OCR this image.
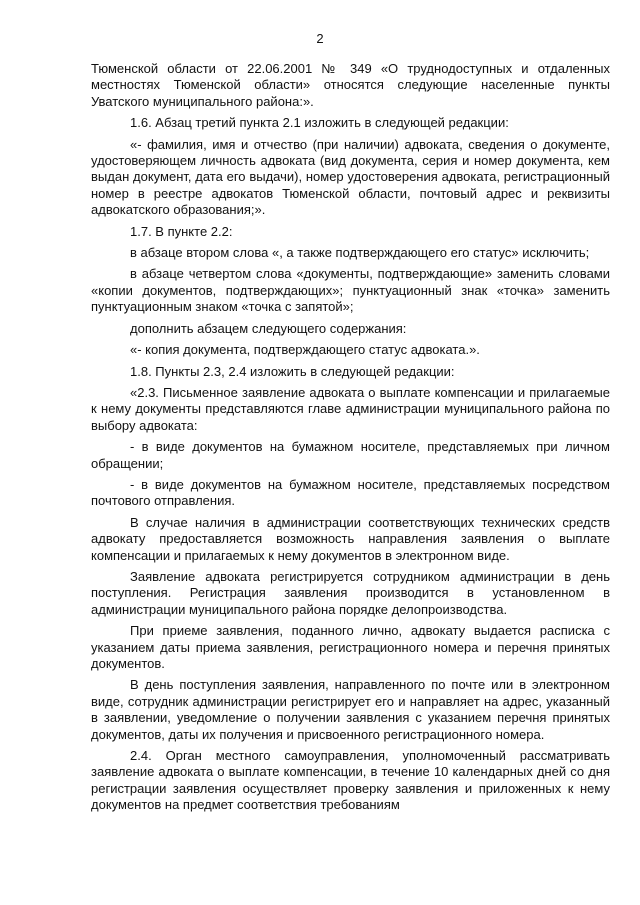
2

Тюменской области от 22.06.2001 № 349 «О труднодоступных и отдаленных местностях Тюменской области» относятся следующие населенные пункты Уватского муниципального района:».

1.6. Абзац третий пункта 2.1 изложить в следующей редакции:

«- фамилия, имя и отчество (при наличии) адвоката, сведения о документе, удостоверяющем личность адвоката (вид документа, серия и номер документа, кем выдан документ, дата его выдачи), номер удостоверения адвоката, регистрационный номер в реестре адвокатов Тюменской области, почтовый адрес и реквизиты адвокатского образования;».

1.7. В пункте 2.2:

в абзаце втором слова «, а также подтверждающего его статус» исключить;

в абзаце четвертом слова «документы, подтверждающие» заменить словами «копии документов, подтверждающих»; пунктуационный знак «точка» заменить пунктуационным знаком «точка с запятой»;

дополнить абзацем следующего содержания:

«- копия документа, подтверждающего статус адвоката.».

1.8. Пункты 2.3, 2.4 изложить в следующей редакции:

«2.3. Письменное заявление адвоката о выплате компенсации и прилагаемые к нему документы представляются главе администрации муниципального района по выбору адвоката:

- в виде документов на бумажном носителе, представляемых при личном обращении;

- в виде документов на бумажном носителе, представляемых посредством почтового отправления.

В случае наличия в администрации соответствующих технических средств адвокату предоставляется возможность направления заявления о выплате компенсации и прилагаемых к нему документов в электронном виде.

Заявление адвоката регистрируется сотрудником администрации в день поступления. Регистрация заявления производится в установленном в администрации муниципального района порядке делопроизводства.

При приеме заявления, поданного лично, адвокату выдается расписка с указанием даты приема заявления, регистрационного номера и перечня принятых документов.

В день поступления заявления, направленного по почте или в электронном виде, сотрудник администрации регистрирует его и направляет на адрес, указанный в заявлении, уведомление о получении заявления с указанием перечня принятых документов, даты их получения и присвоенного регистрационного номера.

2.4. Орган местного самоуправления, уполномоченный рассматривать заявление адвоката о выплате компенсации, в течение 10 календарных дней со дня регистрации заявления осуществляет проверку заявления и приложенных к нему документов на предмет соответствия требованиям
